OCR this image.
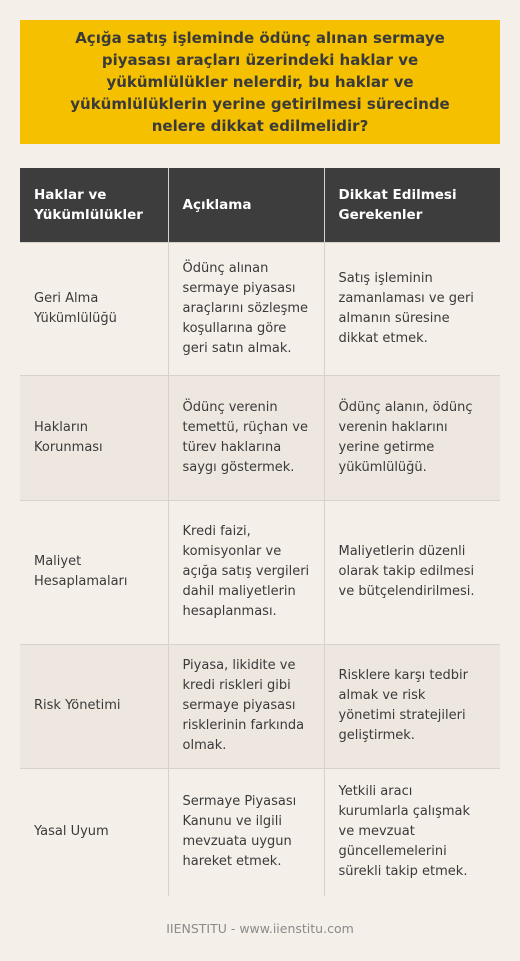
Açığa satış işleminde ödünç alınan sermaye piyasası araçları üzerindeki haklar ve yükümlülükler nelerdir, bu haklar ve yükümlülüklerin yerine getirilmesi sürecinde nelere dikkat edilmelidir?
Haklar ve Yükümlülükler	Açıklama	Dikkat Edilmesi Gerekenler
Geri Alma Yükümlülüğü	Ödünç alınan sermaye piyasası araçlarını sözleşme koşullarına göre geri satın almak.	Satış işleminin zamanlaması ve geri almanın süresine dikkat etmek.
Hakların Korunması	Ödünç verenin temettü, rüçhan ve türev haklarına saygı göstermek.	Ödünç alanın, ödünç verenin haklarını yerine getirme yükümlülüğü.
Maliyet Hesaplamaları	Kredi faizi, komisyonlar ve açığa satış vergileri dahil maliyetlerin hesaplanması.	Maliyetlerin düzenli olarak takip edilmesi ve bütçelendirilmesi.
Risk Yönetimi	Piyasa, likidite ve kredi riskleri gibi sermaye piyasası risklerinin farkında olmak.	Risklere karşı tedbir almak ve risk yönetimi stratejileri geliştirmek.
Yasal Uyum	Sermaye Piyasası Kanunu ve ilgili mevzuata uygun hareket etmek.	Yetkili aracı kurumlarla çalışmak ve mevzuat güncellemelerini sürekli takip etmek.
IIENSTITU - www.iienstitu.com
